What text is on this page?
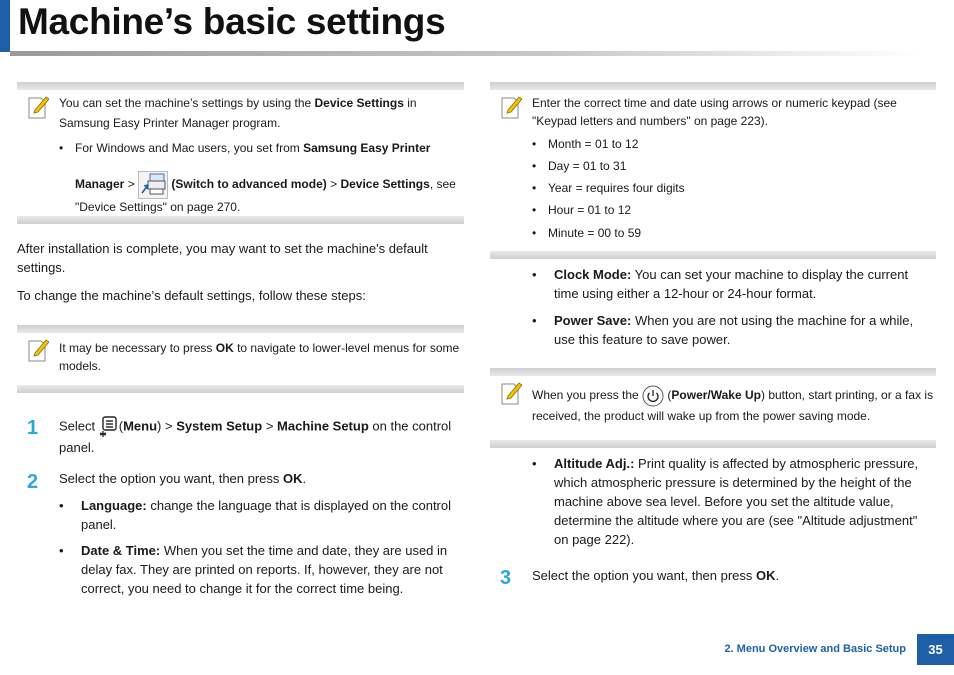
Machine’s basic settings
You can set the machine’s settings by using the Device Settings in
Samsung Easy Printer Manager program.
• For Windows and Mac users, you set from Samsung Easy Printer
Manager >	(Switch to advanced mode) > Device Settings, see
"Device Settings" on page 270.
After installation is complete, you may want to set the machine's default settings.
To change the machine’s default settings, follow these steps:
It may be necessary to press OK to navigate to lower-level menus for some models.
1 Select (Menu) > System Setup > Machine Setup on the control panel.
2 Select the option you want, then press OK.
• Language: change the language that is displayed on the control panel.
• Date & Time: When you set the time and date, they are used in delay fax. They are printed on reports. If, however, they are not correct, you need to change it for the correct time being.
Enter the correct time and date using arrows or numeric keypad (see "Keypad letters and numbers" on page 223).
• Month = 01 to 12
• Day = 01 to 31
• Year = requires four digits
• Hour = 01 to 12
• Minute = 00 to 59
• Clock Mode: You can set your machine to display the current time using either a 12-hour or 24-hour format.
• Power Save: When you are not using the machine for a while, use this feature to save power.
When you press the  (Power/Wake Up) button, start printing, or a fax is received, the product will wake up from the power saving mode.
• Altitude Adj.: Print quality is affected by atmospheric pressure, which atmospheric pressure is determined by the height of the machine above sea level. Before you set the altitude value, determine the altitude where you are (see "Altitude adjustment" on page 222).
3 Select the option you want, then press OK.
2. Menu Overview and Basic Setup 35
